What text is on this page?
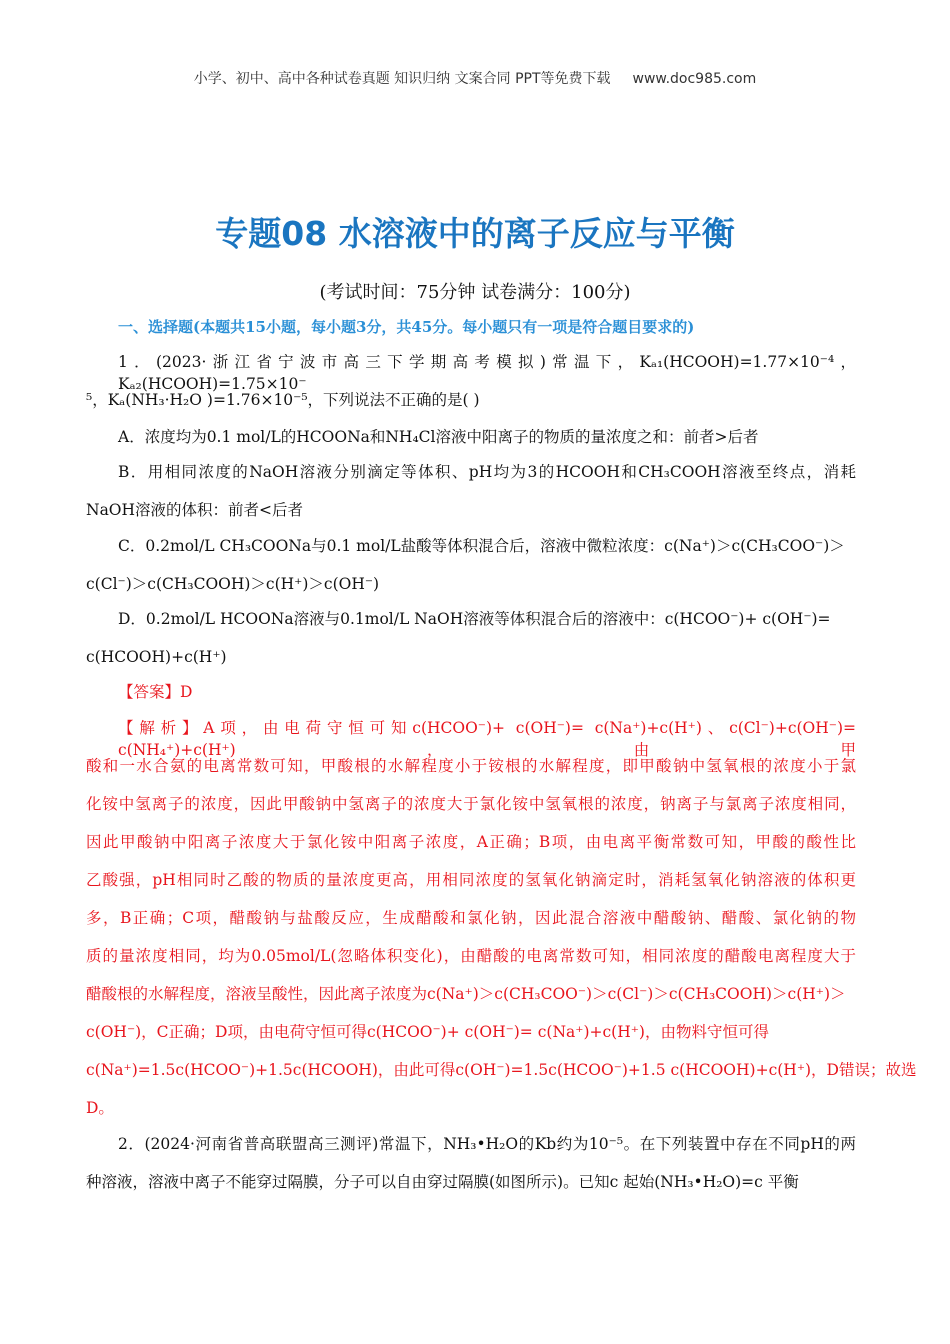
小学、初中、高中各种试卷真题 知识归纳 文案合同 PPT等免费下载 www.doc985.com
专题08 水溶液中的离子反应与平衡
(考试时间：75分钟 试卷满分：100分)
一、选择题(本题共15小题，每小题3分，共45分。每小题只有一项是符合题目要求的)
1．(2023·浙江省宁波市高三下学期高考模拟)常温下，Kₐ₁(HCOOH)=1.77×10⁻⁴，Kₐ₂(HCOOH)=1.75×10⁻
⁵，Kₐ(NH₃·H₂O )=1.76×10⁻⁵，下列说法不正确的是( )
A．浓度均为0.1 mol/L的HCOONa和NH₄Cl溶液中阳离子的物质的量浓度之和：前者>后者
B．用相同浓度的NaOH溶液分别滴定等体积、pH均为3的HCOOH和CH₃COOH溶液至终点，消耗
NaOH溶液的体积：前者<后者
C．0.2mol/L CH₃COONa与0.1 mol/L盐酸等体积混合后，溶液中微粒浓度：c(Na⁺)＞c(CH₃COO⁻)＞
c(Cl⁻)＞c(CH₃COOH)＞c(H⁺)＞c(OH⁻)
D．0.2mol/L HCOONa溶液与0.1mol/L NaOH溶液等体积混合后的溶液中：c(HCOO⁻)+ c(OH⁻)=
c(HCOOH)+c(H⁺)
【答案】D
【解析】A项，由电荷守恒可知c(HCOO⁻)+ c(OH⁻)= c(Na⁺)+c(H⁺)、c(Cl⁻)+c(OH⁻)= c(NH₄⁺)+c(H⁺)，由甲
酸和一水合氨的电离常数可知，甲酸根的水解程度小于铵根的水解程度，即甲酸钠中氢氧根的浓度小于氯
化铵中氢离子的浓度，因此甲酸钠中氢离子的浓度大于氯化铵中氢氧根的浓度，钠离子与氯离子浓度相同，
因此甲酸钠中阳离子浓度大于氯化铵中阳离子浓度，A正确；B项，由电离平衡常数可知，甲酸的酸性比
乙酸强，pH相同时乙酸的物质的量浓度更高，用相同浓度的氢氧化钠滴定时，消耗氢氧化钠溶液的体积更
多，B正确；C项，醋酸钠与盐酸反应，生成醋酸和氯化钠，因此混合溶液中醋酸钠、醋酸、氯化钠的物
质的量浓度相同，均为0.05mol/L(忽略体积变化)，由醋酸的电离常数可知，相同浓度的醋酸电离程度大于
醋酸根的水解程度，溶液呈酸性，因此离子浓度为c(Na⁺)＞c(CH₃COO⁻)＞c(Cl⁻)＞c(CH₃COOH)＞c(H⁺)＞
c(OH⁻)，C正确；D项，由电荷守恒可得c(HCOO⁻)+ c(OH⁻)= c(Na⁺)+c(H⁺)，由物料守恒可得
c(Na⁺)=1.5c(HCOO⁻)+1.5c(HCOOH)，由此可得c(OH⁻)=1.5c(HCOO⁻)+1.5 c(HCOOH)+c(H⁺)，D错误；故选
D。
2．(2024·河南省普高联盟高三测评)常温下，NH₃•H₂O的Kb约为10⁻⁵。在下列装置中存在不同pH的两
种溶液，溶液中离子不能穿过隔膜，分子可以自由穿过隔膜(如图所示)。已知c 起始(NH₃•H₂O)=c 平衡
